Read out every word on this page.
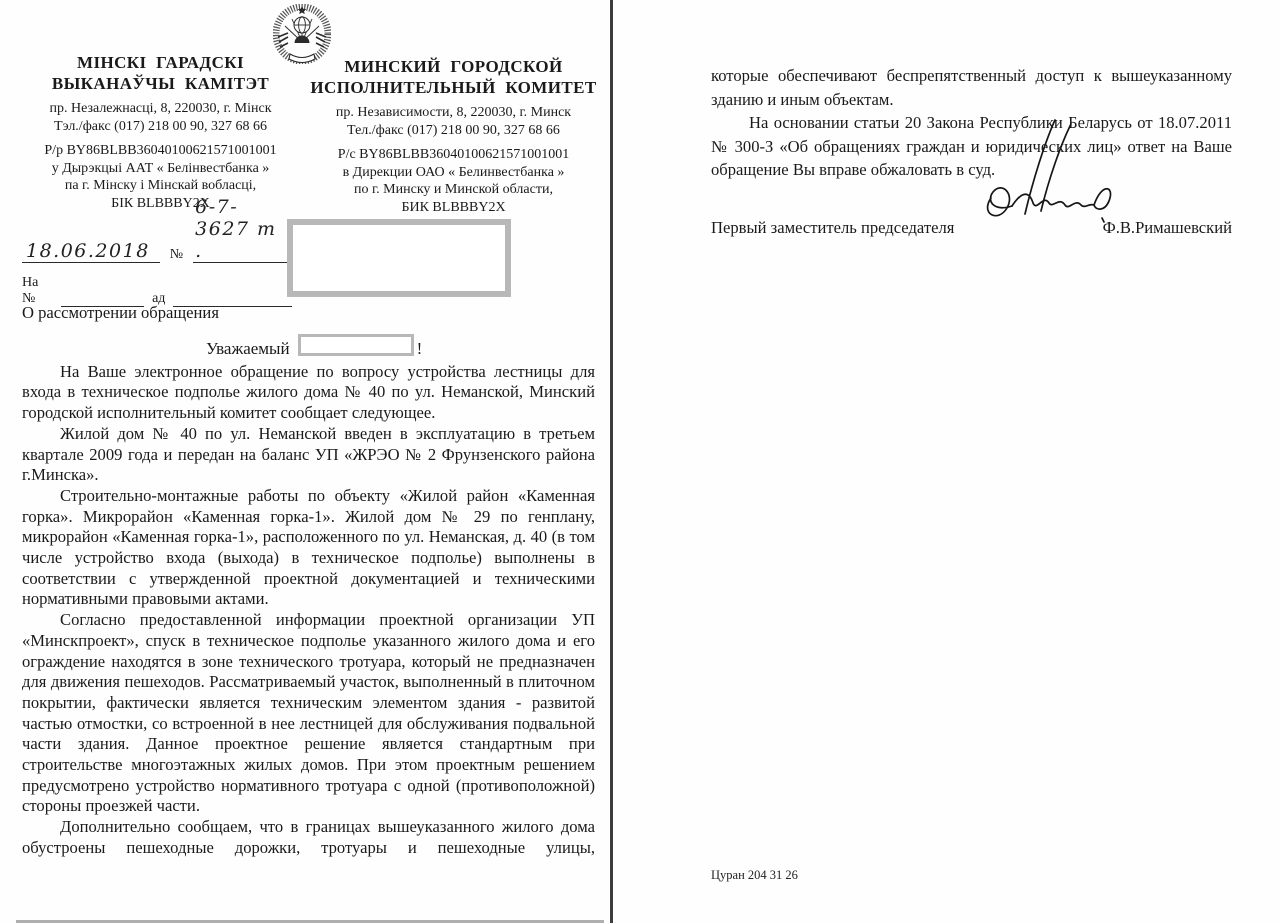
МІНСКІ ГАРАДСКІ
ВЫКАНАЎЧЫ КАМІТЭТ
пр. Незалежнасці, 8, 220030, г. Мінск
Тэл./факс (017) 218 00 90, 327 68 66
Р/р BY86BLBB36040100621571001001
у Дырэкцыі ААТ « Белінвестбанка »
па г. Мінску і Мінскай вобласці,
БІК BLBBBY2X
МИНСКИЙ ГОРОДСКОЙ
ИСПОЛНИТЕЛЬНЫЙ КОМИТЕТ
пр. Независимости, 8, 220030, г. Минск
Тел./факс (017) 218 00 90, 327 68 66
Р/с BY86BLBB36040100621571001001
в Дирекции ОАО « Белинвестбанка »
по г. Минску и Минской области,
БИК BLBBBY2X
18.06.2018	№
6-7-3627 т .
На №	ад
О рассмотрении обращения
Уважаемый	!

На Ваше электронное обращение по вопросу устройства лестницы для входа в техническое подполье жилого дома № 40 по ул. Неманской, Минский городской исполнительный комитет сообщает следующее.

Жилой дом № 40 по ул. Неманской введен в эксплуатацию в третьем квартале 2009 года и передан на баланс УП «ЖРЭО № 2 Фрунзенского района г.Минска».

Строительно-монтажные работы по объекту «Жилой район «Каменная горка». Микрорайон «Каменная горка-1». Жилой дом № 29 по генплану, микрорайон «Каменная горка-1», расположенного по ул. Неманская, д. 40 (в том числе устройство входа (выхода) в техническое подполье) выполнены в соответствии с утвержденной проектной документацией и техническими нормативными правовыми актами.

Согласно предоставленной информации проектной организации УП «Минскпроект», спуск в техническое подполье указанного жилого дома и его ограждение находятся в зоне технического тротуара, который не предназначен для движения пешеходов. Рассматриваемый участок, выполненный в плиточном покрытии, фактически является техническим элементом здания - развитой частью отмостки, со встроенной в нее лестницей для обслуживания подвальной части здания. Данное проектное решение является стандартным при строительстве многоэтажных жилых домов. При этом проектным решением предусмотрено устройство нормативного тротуара с одной (противоположной) стороны проезжей части.

Дополнительно сообщаем, что в границах вышеуказанного жилого дома обустроены пешеходные дорожки, тротуары и пешеходные улицы,

которые обеспечивают беспрепятственный доступ к вышеуказанному зданию и иным объектам.

На основании статьи 20 Закона Республики Беларусь от 18.07.2011 № 300-З «Об обращениях граждан и юридических лиц» ответ на Ваше обращение Вы вправе обжаловать в суд.

Первый заместитель председателя	Ф.В.Римашевский
Цуран 204 31 26
